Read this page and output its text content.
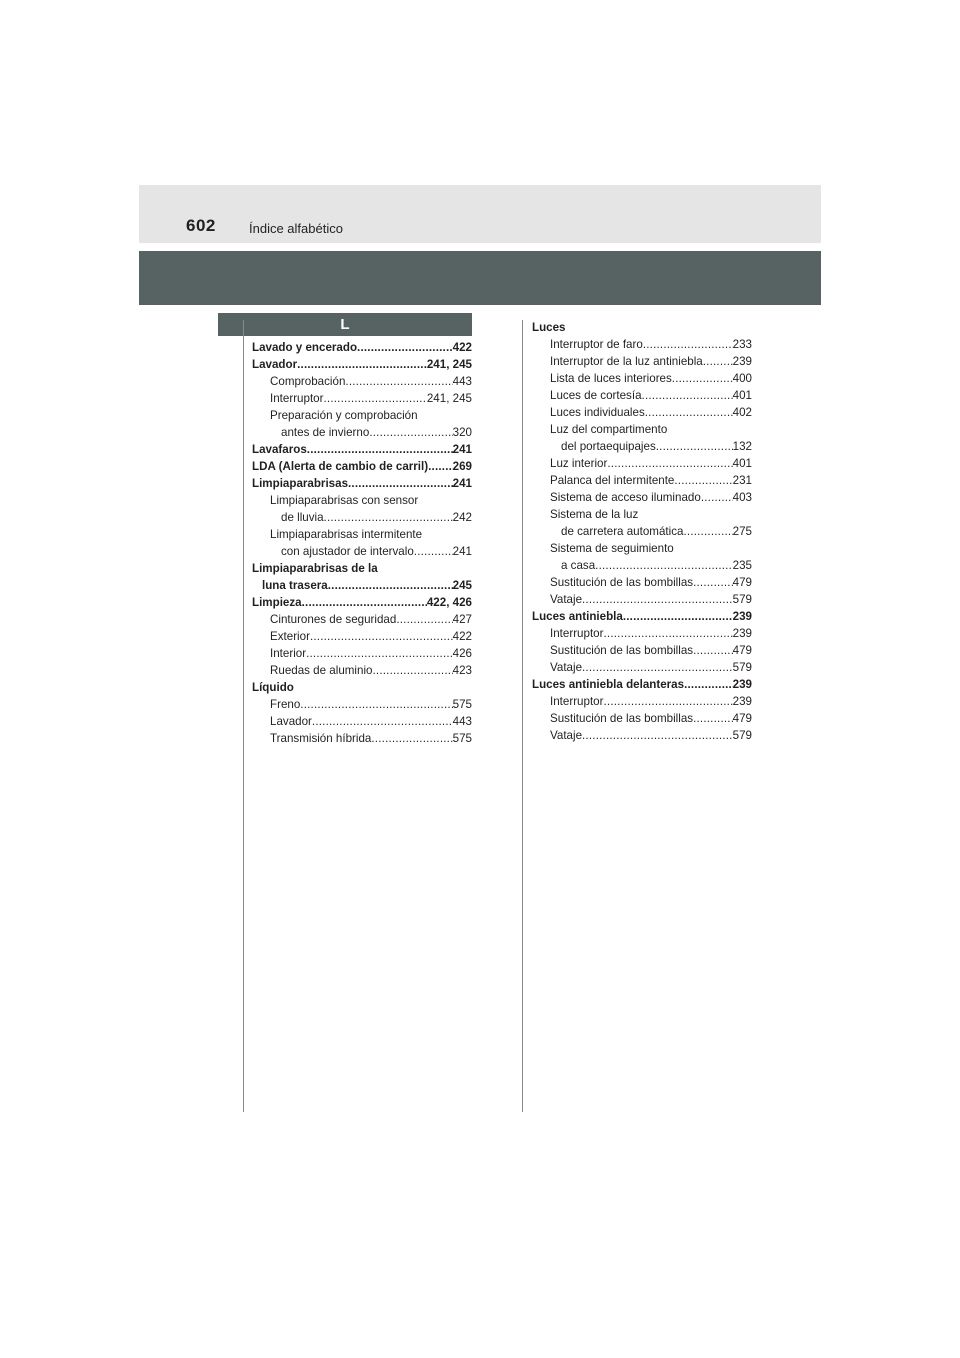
602	Índice alfabético
L
Lavado y encerado .....	422
Lavador .....	241, 245
Comprobación .....	443
Interruptor .....	241, 245
Preparación y comprobación
antes de invierno .....	320
Lavafaros .....	241
LDA (Alerta de cambio de carril) .....	269
Limpiaparabrisas .....	241
Limpiaparabrisas con sensor
de lluvia .....	242
Limpiaparabrisas intermitente
con ajustador de intervalo .....	241
Limpiaparabrisas de la
luna trasera .....	245
Limpieza .....	422, 426
Cinturones de seguridad .....	427
Exterior .....	422
Interior .....	426
Ruedas de aluminio .....	423
Líquido
Freno .....	575
Lavador .....	443
Transmisión híbrida .....	575
Luces
Interruptor de faro .....	233
Interruptor de la luz antiniebla .....	239
Lista de luces interiores .....	400
Luces de cortesía .....	401
Luces individuales .....	402
Luz del compartimento
del portaequipajes .....	132
Luz interior .....	401
Palanca del intermitente .....	231
Sistema de acceso iluminado .....	403
Sistema de la luz
de carretera automática .....	275
Sistema de seguimiento
a casa .....	235
Sustitución de las bombillas .....	479
Vataje .....	579
Luces antiniebla .....	239
Interruptor .....	239
Sustitución de las bombillas .....	479
Vataje .....	579
Luces antiniebla delanteras .....	239
Interruptor .....	239
Sustitución de las bombillas .....	479
Vataje .....	579
